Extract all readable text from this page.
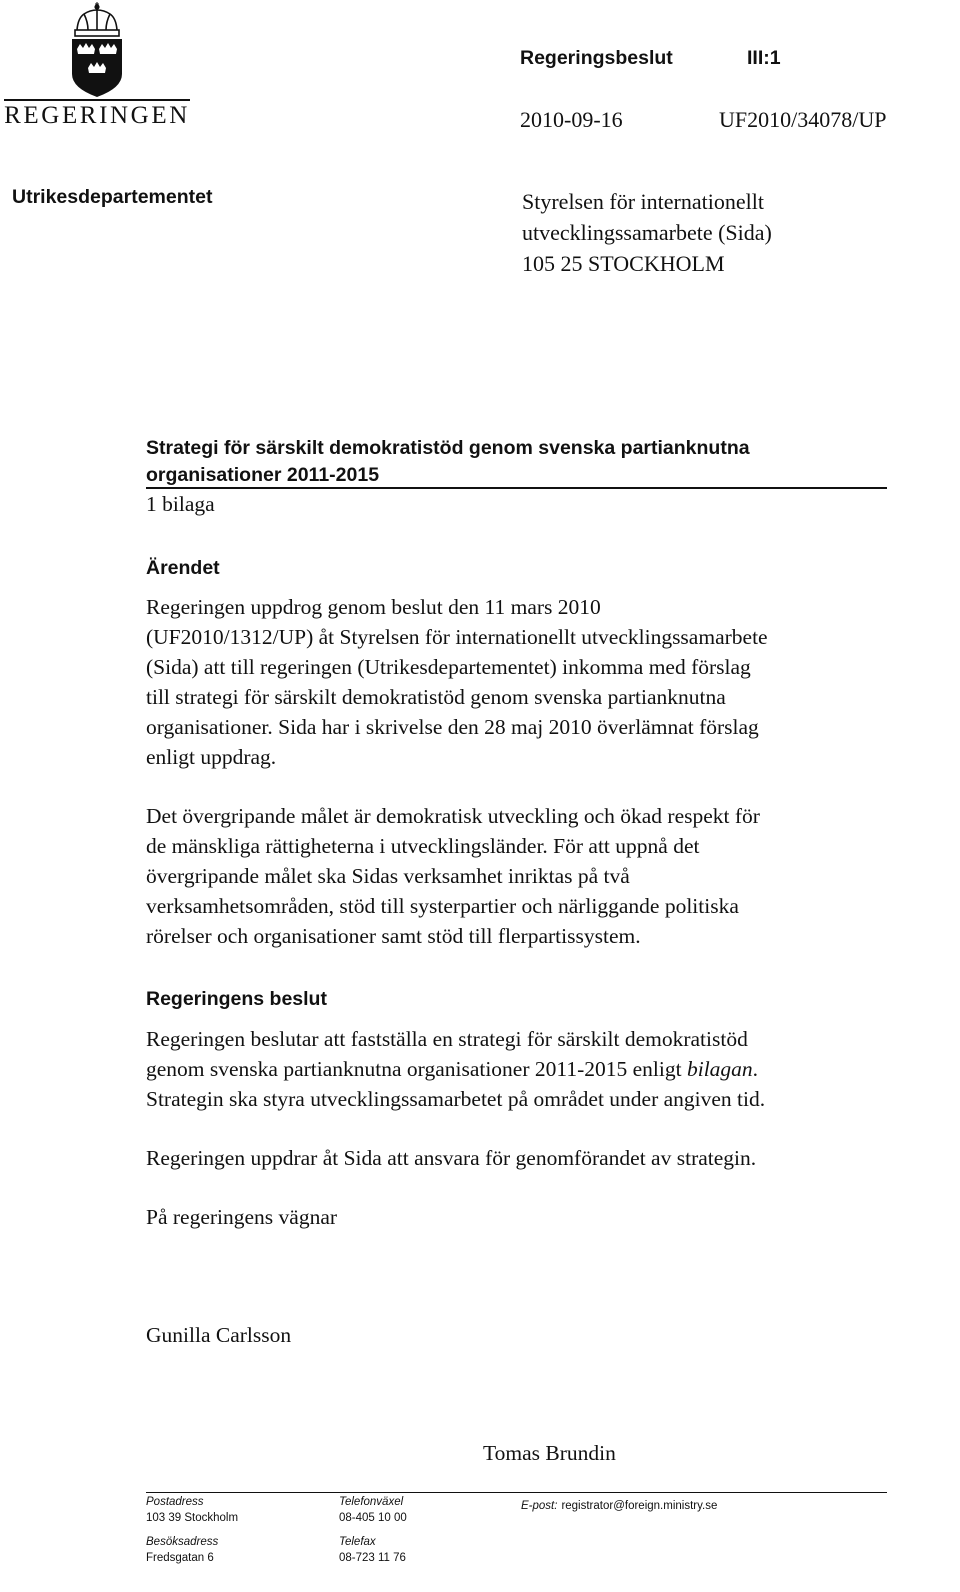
REGERINGEN
Regeringsbeslut	III:1
2010-09-16	UF2010/34078/UP
Utrikesdepartementet	Styrelsen för internationellt
utvecklingssamarbete (Sida)
105 25 STOCKHOLM
Strategi för särskilt demokratistöd genom svenska partianknutna
organisationer 2011-2015
1 bilaga
Ärendet
Regeringen uppdrog genom beslut den 11 mars 2010
(UF2010/1312/UP) åt Styrelsen för internationellt utvecklingssamarbete
(Sida) att till regeringen (Utrikesdepartementet) inkomma med förslag
till strategi för särskilt demokratistöd genom svenska partianknutna
organisationer. Sida har i skrivelse den 28 maj 2010 överlämnat förslag
enligt uppdrag.
Det övergripande målet är demokratisk utveckling och ökad respekt för
de mänskliga rättigheterna i utvecklingsländer. För att uppnå det
övergripande målet ska Sidas verksamhet inriktas på två
verksamhetsområden, stöd till systerpartier och närliggande politiska
rörelser och organisationer samt stöd till flerpartissystem.
Regeringens beslut
Regeringen beslutar att fastställa en strategi för särskilt demokratistöd
genom svenska partianknutna organisationer 2011-2015 enligt bilagan.
Strategin ska styra utvecklingssamarbetet på området under angiven tid.
Regeringen uppdrar åt Sida att ansvara för genomförandet av strategin.
På regeringens vägnar
Gunilla Carlsson
Tomas Brundin
Postadress
103 39 Stockholm
Besöksadress
Fredsgatan 6
Telefonväxel
08-405 10 00
Telefax
08-723 11 76
E-post: registrator@foreign.ministry.se
